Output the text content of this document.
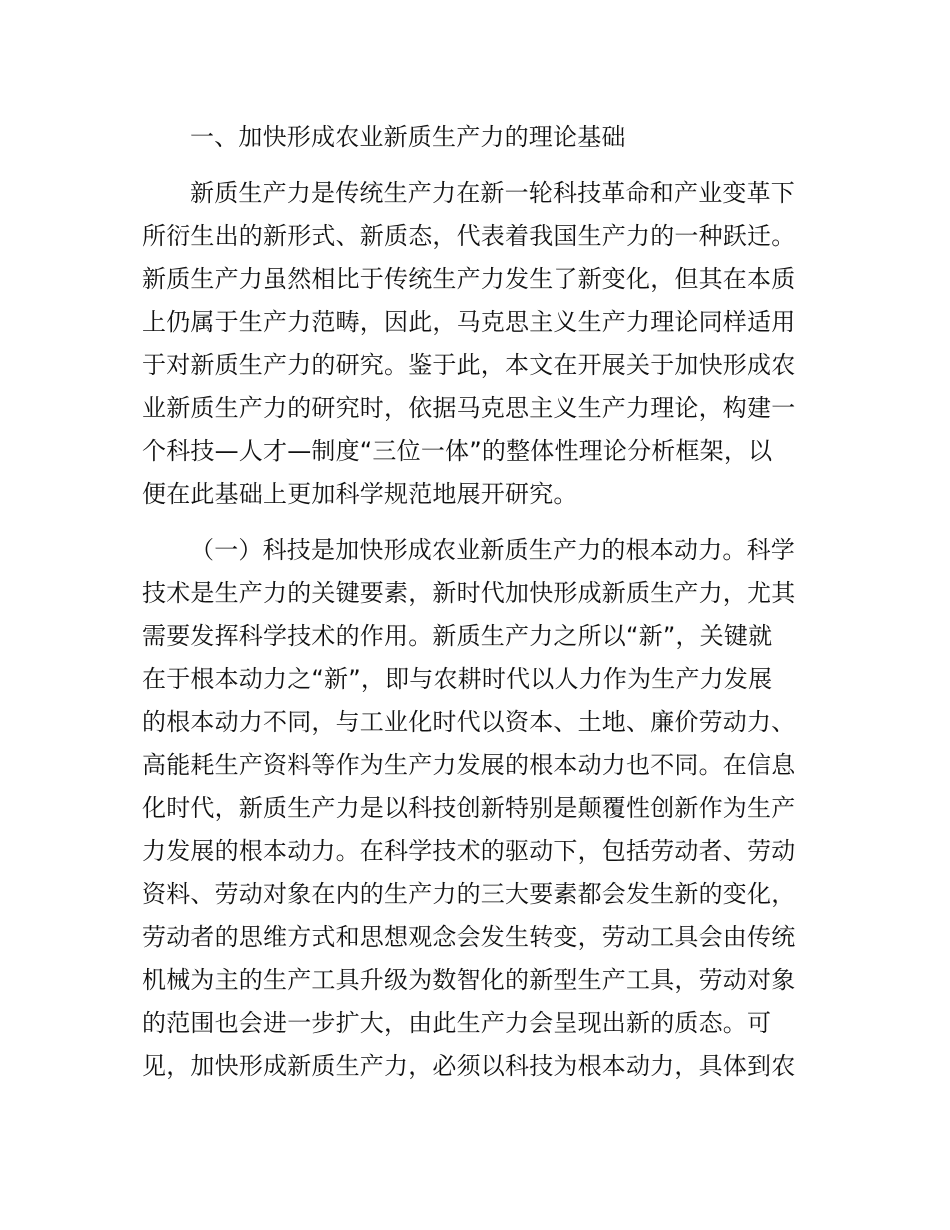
一、加快形成农业新质生产力的理论基础
新质生产力是传统生产力在新一轮科技革命和产业变革下
所衍生出的新形式、新质态，代表着我国生产力的一种跃迁。
新质生产力虽然相比于传统生产力发生了新变化，但其在本质
上仍属于生产力范畴，因此，马克思主义生产力理论同样适用
于对新质生产力的研究。鉴于此，本文在开展关于加快形成农
业新质生产力的研究时，依据马克思主义生产力理论，构建一
个科技—人才—制度“三位一体”的整体性理论分析框架，以
便在此基础上更加科学规范地展开研究。
（一）科技是加快形成农业新质生产力的根本动力。科学
技术是生产力的关键要素，新时代加快形成新质生产力，尤其
需要发挥科学技术的作用。新质生产力之所以“新”，关键就
在于根本动力之“新”，即与农耕时代以人力作为生产力发展
的根本动力不同，与工业化时代以资本、土地、廉价劳动力、
高能耗生产资料等作为生产力发展的根本动力也不同。在信息
化时代，新质生产力是以科技创新特别是颠覆性创新作为生产
力发展的根本动力。在科学技术的驱动下，包括劳动者、劳动
资料、劳动对象在内的生产力的三大要素都会发生新的变化，
劳动者的思维方式和思想观念会发生转变，劳动工具会由传统
机械为主的生产工具升级为数智化的新型生产工具，劳动对象
的范围也会进一步扩大，由此生产力会呈现出新的质态。可
见，加快形成新质生产力，必须以科技为根本动力，具体到农
